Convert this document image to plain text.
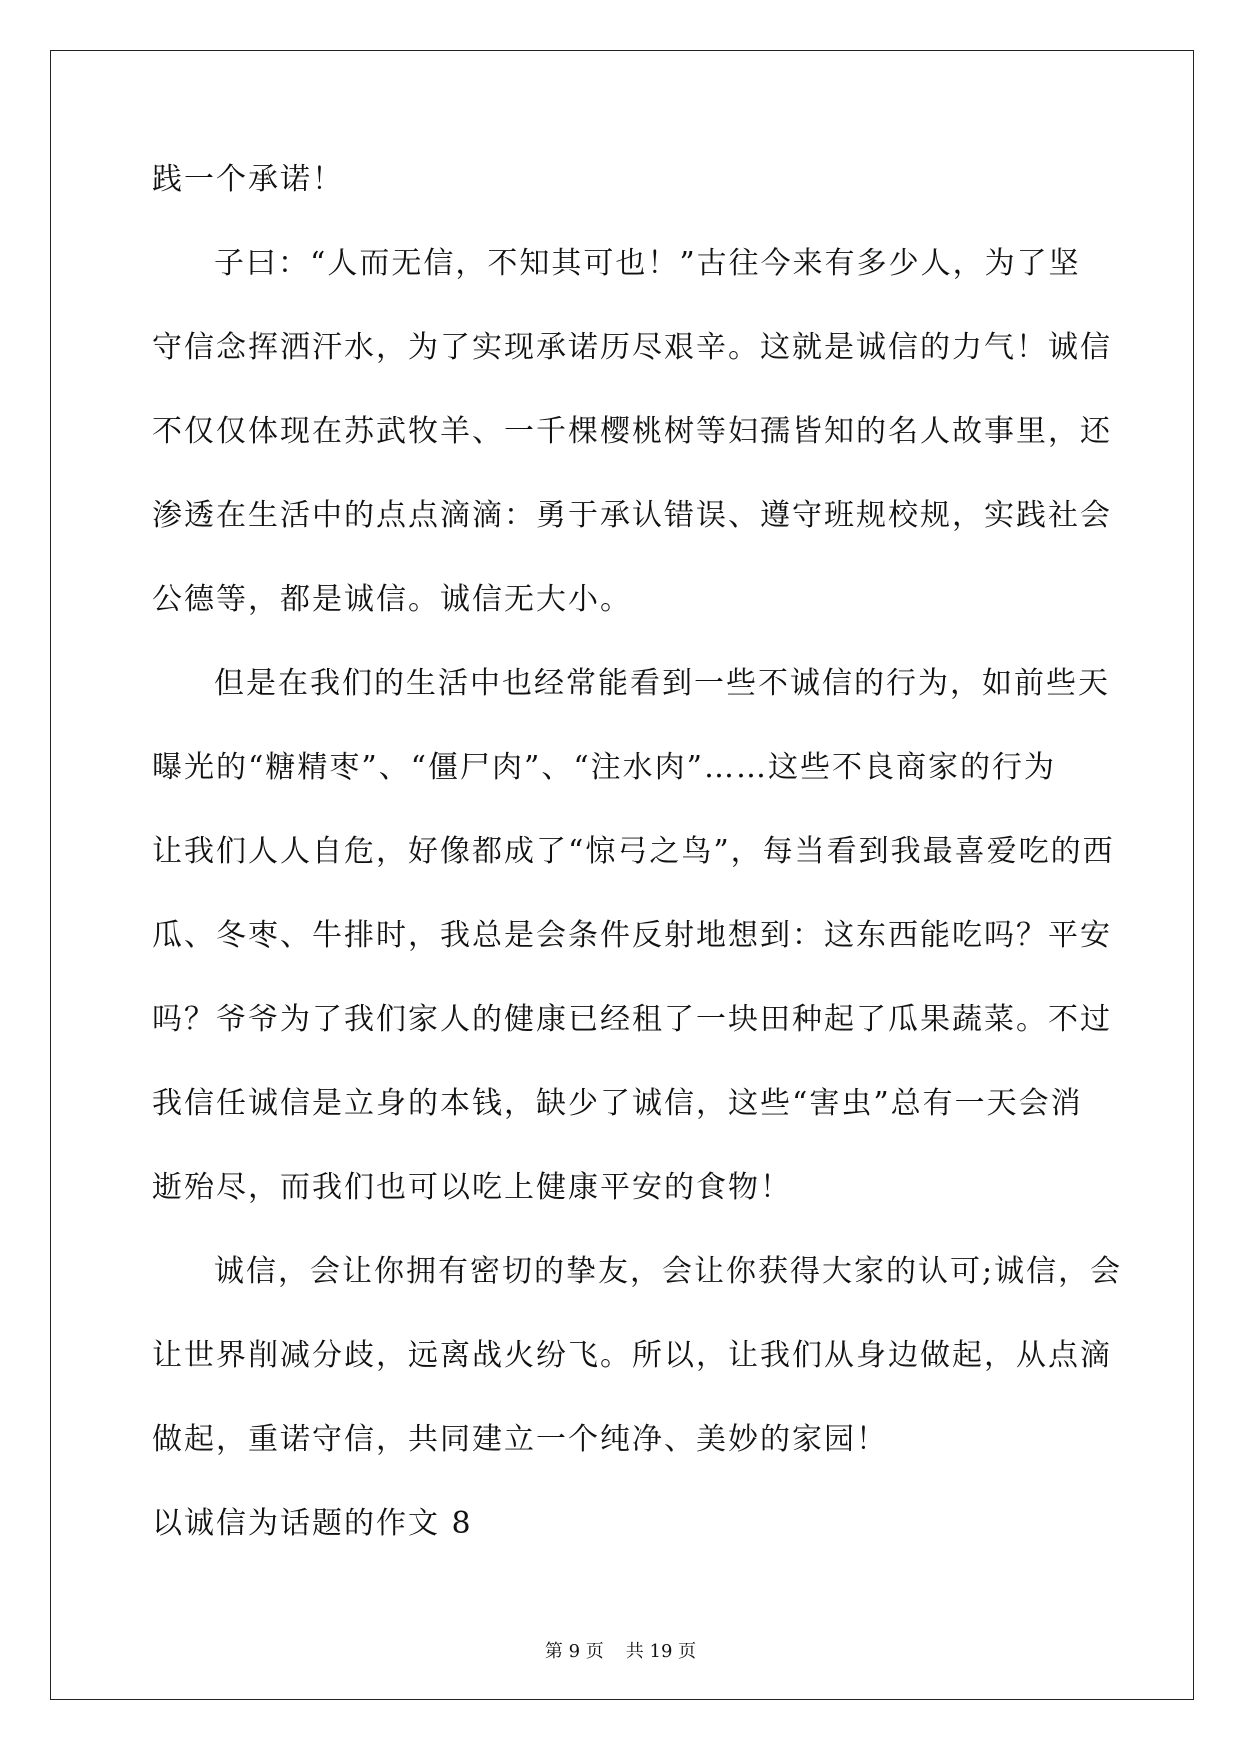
践一个承诺！
子曰：“人而无信，不知其可也！”古往今来有多少人，为了坚
守信念挥洒汗水，为了实现承诺历尽艰辛。这就是诚信的力气！诚信
不仅仅体现在苏武牧羊、一千棵樱桃树等妇孺皆知的名人故事里，还
渗透在生活中的点点滴滴：勇于承认错误、遵守班规校规，实践社会
公德等，都是诚信。诚信无大小。
但是在我们的生活中也经常能看到一些不诚信的行为，如前些天
曝光的“糖精枣”、“僵尸肉”、“注水肉”……这些不良商家的行为
让我们人人自危，好像都成了“惊弓之鸟”，每当看到我最喜爱吃的西
瓜、冬枣、牛排时，我总是会条件反射地想到：这东西能吃吗？平安
吗？爷爷为了我们家人的健康已经租了一块田种起了瓜果蔬菜。不过
我信任诚信是立身的本钱，缺少了诚信，这些“害虫”总有一天会消
逝殆尽，而我们也可以吃上健康平安的食物！
诚信，会让你拥有密切的挚友，会让你获得大家的认可;诚信，会
让世界削减分歧，远离战火纷飞。所以，让我们从身边做起，从点滴
做起，重诺守信，共同建立一个纯净、美妙的家园！
以诚信为话题的作文 8
第 9 页 共 19 页
